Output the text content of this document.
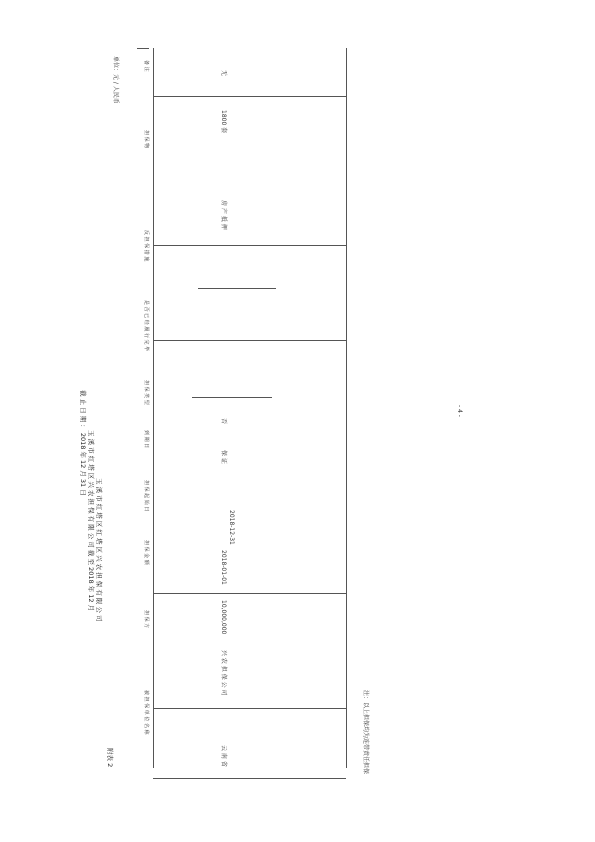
附表 2
玉 溪 市 红 塔 区 红 塔 区 兴 农 担 保 有 限 公 司
玉 溪 市 红 塔 区 兴 农 担 保 有 限 公 司 截 至 2018 年 12 月
截 止 日 期 ： 2018 年 12 月 31 日
单位：元 / 人民币
被 担 保 单 位 名 称
担 保 方
担 保 金 额
担 保 起 始 日
到 期 日
担 保 类 型
是 否 已 经 履 行 完 毕
反 担 保 措 施
担 保 物
备 注
云 南 省
兴 农 担 保 公 司
10,000,000
2018-01-01
2018-12-31
保 证
否
房 产 抵 押
1800 套
无
注：以上担保均为连带责任担保
- 4 -
